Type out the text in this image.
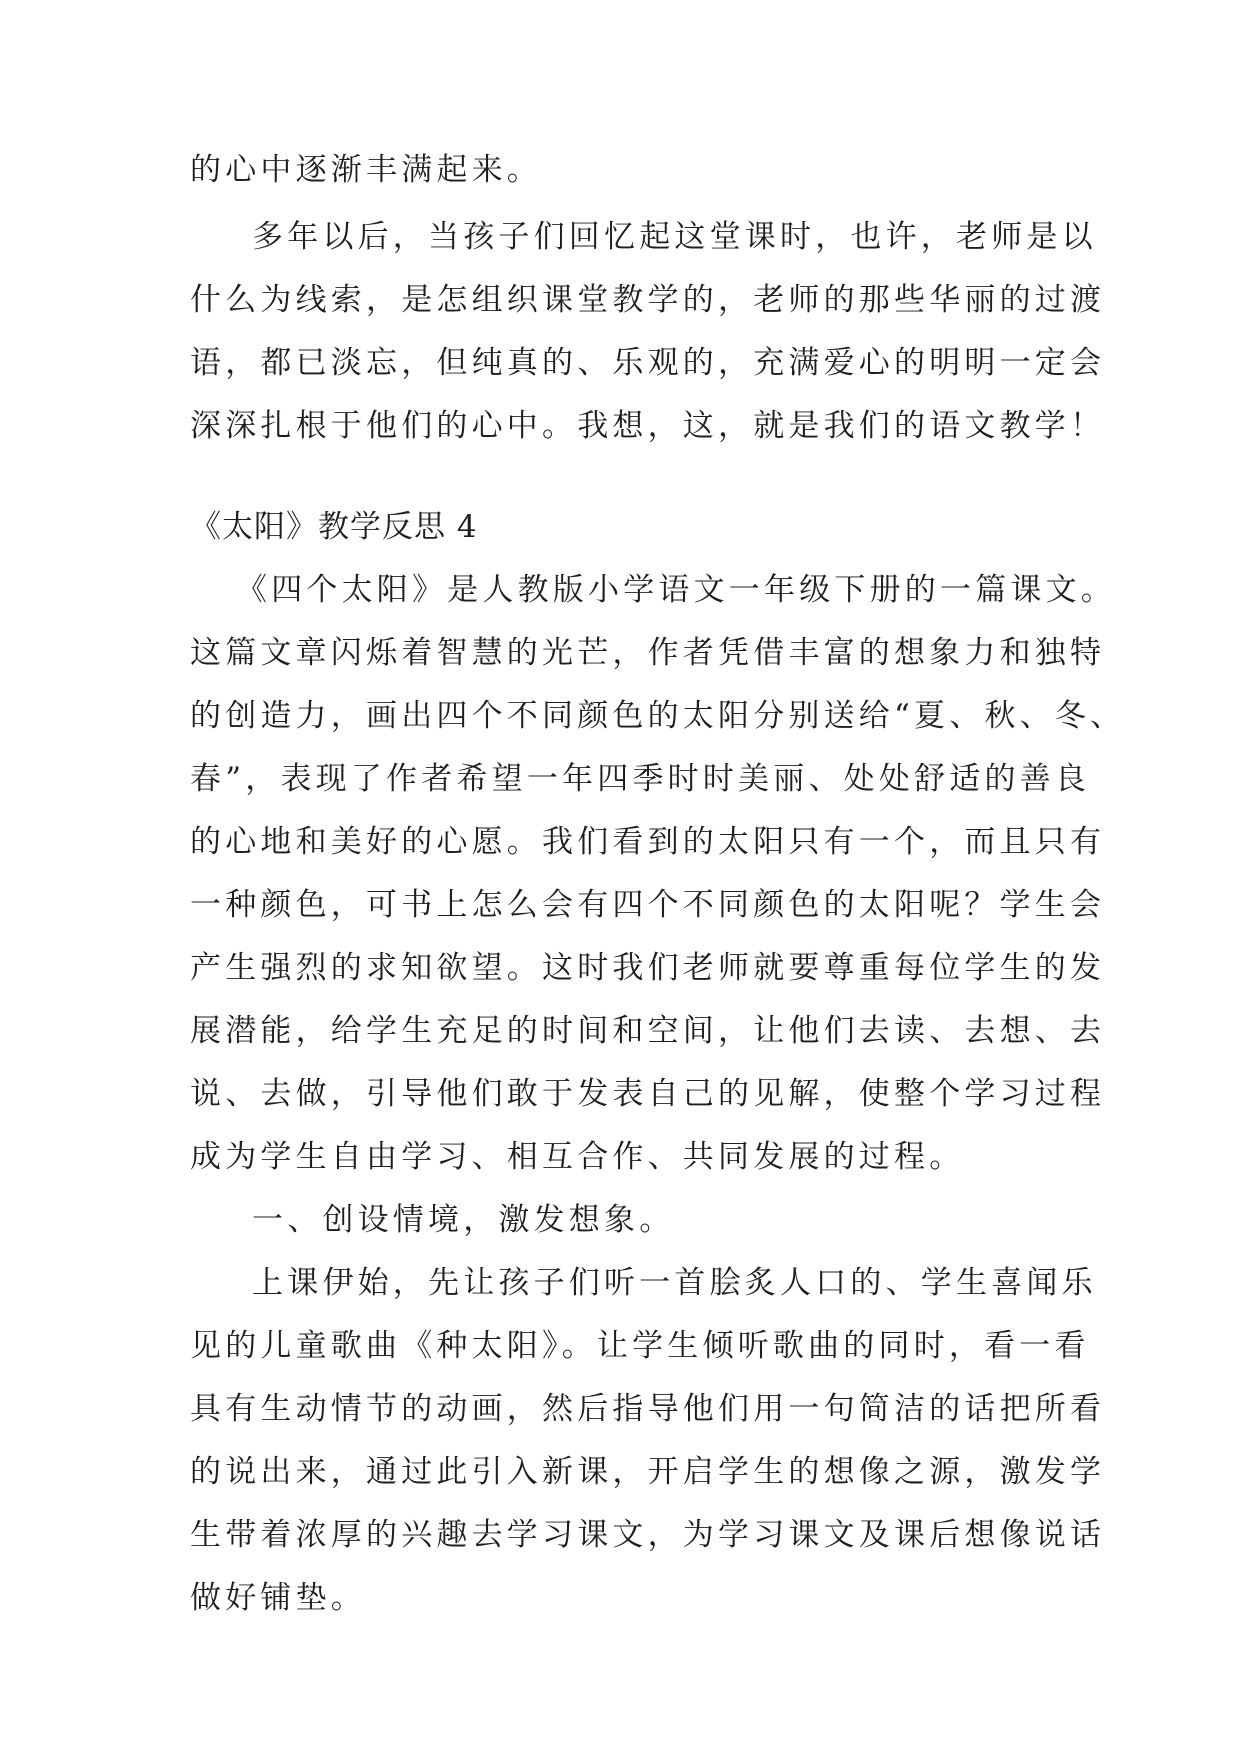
的心中逐渐丰满起来。

多年以后，当孩子们回忆起这堂课时，也许，老师是以

什么为线索，是怎组织课堂教学的，老师的那些华丽的过渡

语，都已淡忘，但纯真的、乐观的，充满爱心的明明一定会

深深扎根于他们的心中。我想，这，就是我们的语文教学！

《太阳》教学反思 4

《四个太阳》是人教版小学语文一年级下册的一篇课文。

这篇文章闪烁着智慧的光芒，作者凭借丰富的想象力和独特

的创造力，画出四个不同颜色的太阳分别送给“夏、秋、冬、

春”，表现了作者希望一年四季时时美丽、处处舒适的善良

的心地和美好的心愿。我们看到的太阳只有一个，而且只有

一种颜色，可书上怎么会有四个不同颜色的太阳呢？学生会

产生强烈的求知欲望。这时我们老师就要尊重每位学生的发

展潜能，给学生充足的时间和空间，让他们去读、去想、去

说、去做，引导他们敢于发表自己的见解，使整个学习过程

成为学生自由学习、相互合作、共同发展的过程。

一、创设情境，激发想象。

上课伊始，先让孩子们听一首脍炙人口的、学生喜闻乐

见的儿童歌曲《种太阳》。让学生倾听歌曲的同时，看一看

具有生动情节的动画，然后指导他们用一句简洁的话把所看

的说出来，通过此引入新课，开启学生的想像之源，激发学

生带着浓厚的兴趣去学习课文，为学习课文及课后想像说话

做好铺垫。
